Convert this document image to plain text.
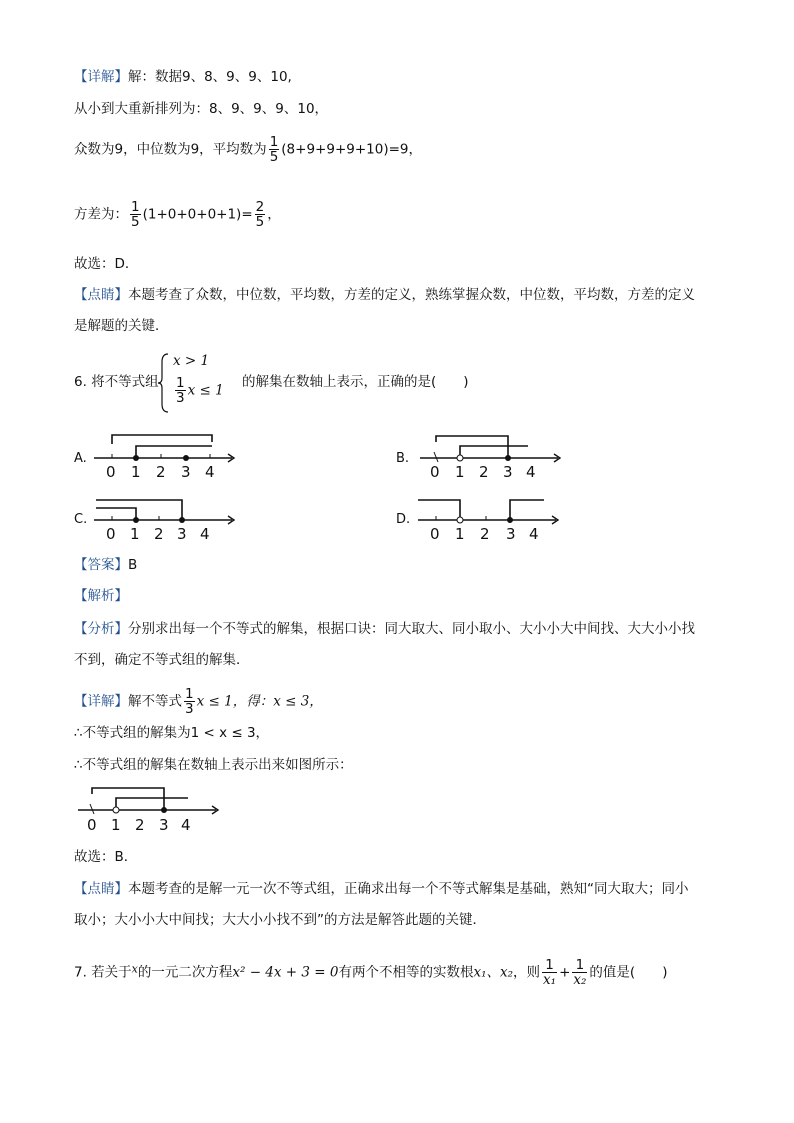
【详解】解：数据9、8、9、9、10,
从小到大重新排列为：8、9、9、9、10，
众数为9，中位数为9，平均数为 $\frac{1}{5} (8+9+9+9+10)=9$，
方差为： $\frac{1}{5} (1+0+0+0+1)= \frac{2}{5}$ ，
故选：D．
【点睛】本题考查了众数，中位数，平均数，方差的定义，熟练掌握众数，中位数，平均数，方差的定义
是解题的关键．
6. 将不等式组
x > 1
$\frac{1}{3}$ x ≤ 1
的解集在数轴上表示，正确的是(　　)
A.
0 1 2 3 4
B.
0 1 2 3 4
C.
0 1 2 3 4
D.
0 1 2 3 4
【答案】B
【解析】
【分析】分别求出每一个不等式的解集，根据口诀：同大取大、同小取小、大小小大中间找、大大小小找
不到，确定不等式组的解集．
【详解】解不等式 $\frac{1}{3}$ x ≤ 1，得：x ≤ 3，
∴不等式组的解集为1 < x ≤ 3，
∴不等式组的解集在数轴上表示出来如图所示：
0 1 2 3 4
故选：B．
【点睛】本题考查的是解一元一次不等式组，正确求出每一个不等式解集是基础，熟知“同大取大；同小
取小；大小小大中间找；大大小小找不到”的方法是解答此题的关键．
7. 若关于$^x$的一元二次方程x² − 4x + 3 = 0有两个不相等的实数根x₁、x₂，则 $\frac{1}{\text{x₁}} + \frac{1}{\text{x₂}}$ 的值是(　　)
